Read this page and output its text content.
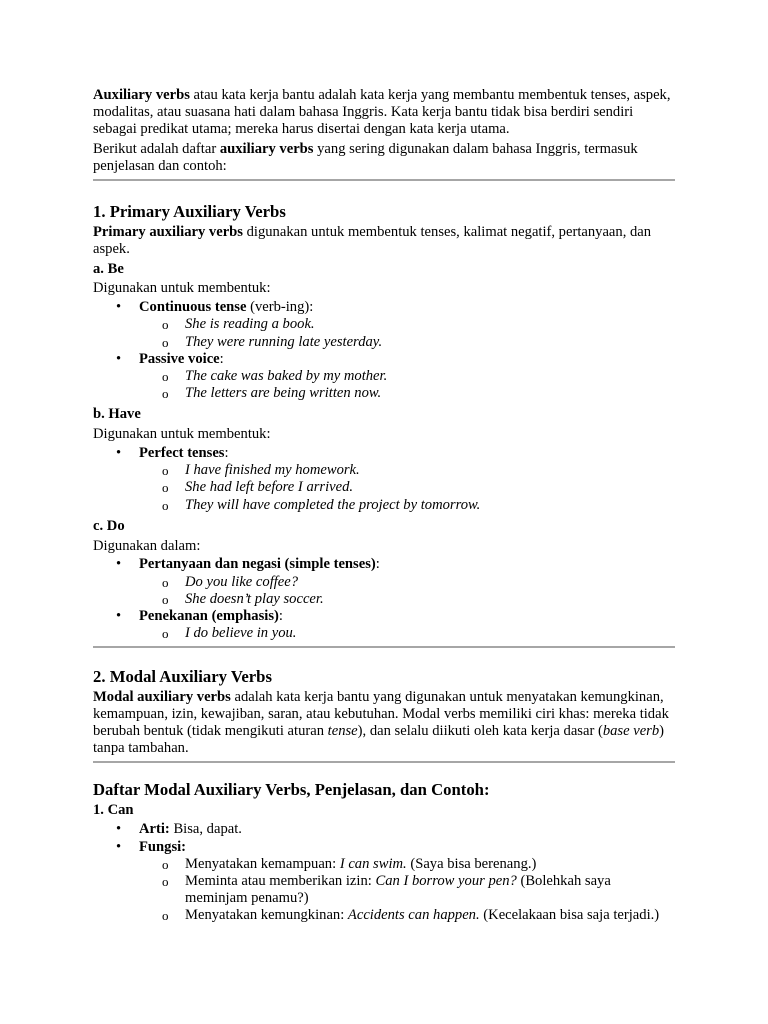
Auxiliary verbs atau kata kerja bantu adalah kata kerja yang membantu membentuk tenses, aspek, modalitas, atau suasana hati dalam bahasa Inggris. Kata kerja bantu tidak bisa berdiri sendiri sebagai predikat utama; mereka harus disertai dengan kata kerja utama.

Berikut adalah daftar auxiliary verbs yang sering digunakan dalam bahasa Inggris, termasuk penjelasan dan contoh:

1. Primary Auxiliary Verbs

Primary auxiliary verbs digunakan untuk membentuk tenses, kalimat negatif, pertanyaan, dan aspek.

a. Be

Digunakan untuk membentuk:

• Continuous tense (verb-ing):
o She is reading a book.
o They were running late yesterday.
• Passive voice:
o The cake was baked by my mother.
o The letters are being written now.
b. Have

Digunakan untuk membentuk:

• Perfect tenses:
o I have finished my homework.
o She had left before I arrived.
o They will have completed the project by tomorrow.
c. Do

Digunakan dalam:

• Pertanyaan dan negasi (simple tenses):
o Do you like coffee?
o She doesn’t play soccer.
• Penekanan (emphasis):
o I do believe in you.
2. Modal Auxiliary Verbs

Modal auxiliary verbs adalah kata kerja bantu yang digunakan untuk menyatakan kemungkinan, kemampuan, izin, kewajiban, saran, atau kebutuhan. Modal verbs memiliki ciri khas: mereka tidak berubah bentuk (tidak mengikuti aturan tense), dan selalu diikuti oleh kata kerja dasar (base verb) tanpa tambahan.

Daftar Modal Auxiliary Verbs, Penjelasan, dan Contoh:
1. Can
• Arti: Bisa, dapat.
• Fungsi:
o Menyatakan kemampuan: I can swim. (Saya bisa berenang.)
o Meminta atau memberikan izin: Can I borrow your pen? (Bolehkah saya meminjam penamu?)
o Menyatakan kemungkinan: Accidents can happen. (Kecelakaan bisa saja terjadi.)
